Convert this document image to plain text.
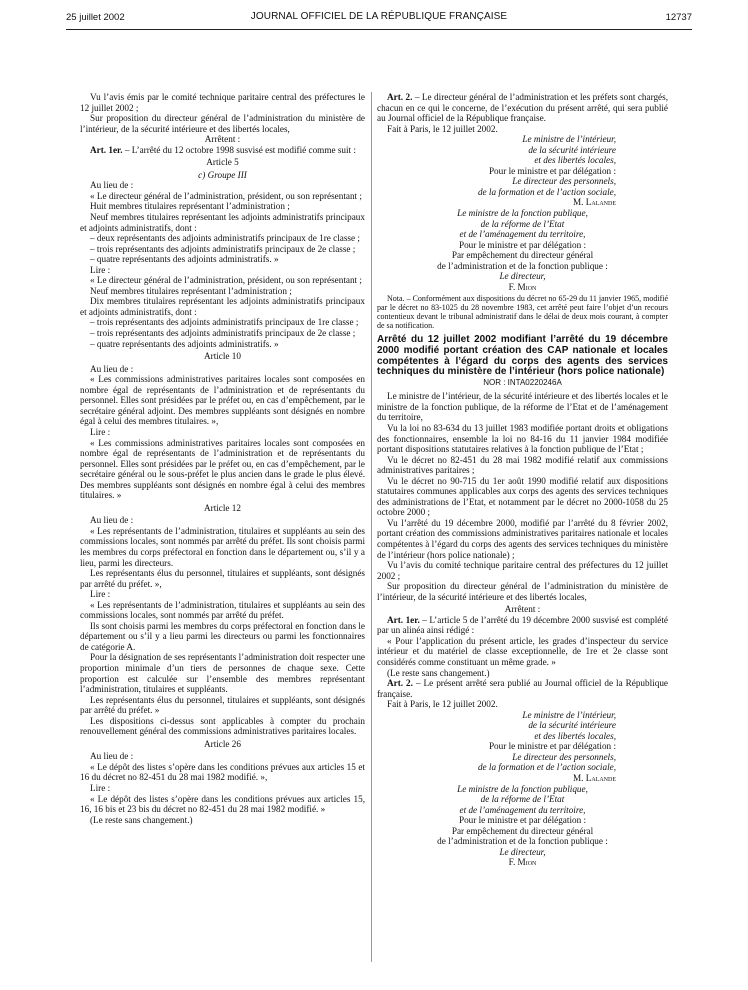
25 juillet 2002	JOURNAL OFFICIEL DE LA RÉPUBLIQUE FRANÇAISE	12737

Vu l’avis émis par le comité technique paritaire central des préfectures le 12 juillet 2002 ;

Sur proposition du directeur général de l’administration du ministère de l’intérieur, de la sécurité intérieure et des libertés locales,

Arrêtent :

Art. 1er. – L’arrêté du 12 octobre 1998 susvisé est modifié comme suit :

Article 5

c) Groupe III

Au lieu de :

« Le directeur général de l’administration, président, ou son représentant ;

Huit membres titulaires représentant l’administration ;

Neuf membres titulaires représentant les adjoints administratifs principaux et adjoints administratifs, dont :

– deux représentants des adjoints administratifs principaux de 1re classe ;

– trois représentants des adjoints administratifs principaux de 2e classe ;

– quatre représentants des adjoints administratifs. »

Lire :

« Le directeur général de l’administration, président, ou son représentant ;

Neuf membres titulaires représentant l’administration ;

Dix membres titulaires représentant les adjoints administratifs principaux et adjoints administratifs, dont :

– trois représentants des adjoints administratifs principaux de 1re classe ;

– trois représentants des adjoints administratifs principaux de 2e classe ;

– quatre représentants des adjoints administratifs. »

Article 10

Au lieu de :

« Les commissions administratives paritaires locales sont composées en nombre égal de représentants de l’administration et de représentants du personnel. Elles sont présidées par le préfet ou, en cas d’empêchement, par le secrétaire général adjoint. Des membres suppléants sont désignés en nombre égal à celui des membres titulaires. »,

Lire :

« Les commissions administratives paritaires locales sont composées en nombre égal de représentants de l’administration et de représentants du personnel. Elles sont présidées par le préfet ou, en cas d’empêchement, par le secrétaire général ou le sous-préfet le plus ancien dans le grade le plus élevé. Des membres suppléants sont désignés en nombre égal à celui des membres titulaires. »

Article 12

Au lieu de :

« Les représentants de l’administration, titulaires et suppléants au sein des commissions locales, sont nommés par arrêté du préfet. Ils sont choisis parmi les membres du corps préfectoral en fonction dans le département ou, s’il y a lieu, parmi les directeurs.

Les représentants élus du personnel, titulaires et suppléants, sont désignés par arrêté du préfet. »,

Lire :

« Les représentants de l’administration, titulaires et suppléants au sein des commissions locales, sont nommés par arrêté du préfet.

Ils sont choisis parmi les membres du corps préfectoral en fonction dans le département ou s’il y a lieu parmi les directeurs ou parmi les fonctionnaires de catégorie A.

Pour la désignation de ses représentants l’administration doit respecter une proportion minimale d’un tiers de personnes de chaque sexe. Cette proportion est calculée sur l’ensemble des membres représentant l’administration, titulaires et suppléants.

Les représentants élus du personnel, titulaires et suppléants, sont désignés par arrêté du préfet. »

Les dispositions ci-dessus sont applicables à compter du prochain renouvellement général des commissions administratives paritaires locales.

Article 26

Au lieu de :

« Le dépôt des listes s’opère dans les conditions prévues aux articles 15 et 16 du décret no 82-451 du 28 mai 1982 modifié. »,

Lire :

« Le dépôt des listes s’opère dans les conditions prévues aux articles 15, 16, 16 bis et 23 bis du décret no 82-451 du 28 mai 1982 modifié. »

(Le reste sans changement.)

Art. 2. – Le directeur général de l’administration et les préfets sont chargés, chacun en ce qui le concerne, de l’exécution du présent arrêté, qui sera publié au Journal officiel de la République française.

Fait à Paris, le 12 juillet 2002.

Le ministre de l’intérieur,

de la sécurité intérieure

et des libertés locales,

Pour le ministre et par délégation :

Le directeur des personnels,

de la formation et de l’action sociale,

M. Lalande

Le ministre de la fonction publique,

de la réforme de l’Etat

et de l’aménagement du territoire,

Pour le ministre et par délégation :

Par empêchement du directeur général

de l’administration et de la fonction publique :

Le directeur,

F. Mion

Nota. – Conformément aux dispositions du décret no 65-29 du 11 janvier 1965, modifié par le décret no 83-1025 du 28 novembre 1983, cet arrêté peut faire l’objet d’un recours contentieux devant le tribunal administratif dans le délai de deux mois courant, à compter de sa notification.

Arrêté du 12 juillet 2002 modifiant l’arrêté du 19 décembre 2000 modifié portant création des CAP nationale et locales compétentes à l’égard du corps des agents des services techniques du ministère de l’intérieur (hors police nationale)

NOR : INTA0220246A

Le ministre de l’intérieur, de la sécurité intérieure et des libertés locales et le ministre de la fonction publique, de la réforme de l’Etat et de l’aménagement du territoire,

Vu la loi no 83-634 du 13 juillet 1983 modifiée portant droits et obligations des fonctionnaires, ensemble la loi no 84-16 du 11 janvier 1984 modifiée portant dispositions statutaires relatives à la fonction publique de l’Etat ;

Vu le décret no 82-451 du 28 mai 1982 modifié relatif aux commissions administratives paritaires ;

Vu le décret no 90-715 du 1er août 1990 modifié relatif aux dispositions statutaires communes applicables aux corps des agents des services techniques des administrations de l’Etat, et notamment par le décret no 2000-1058 du 25 octobre 2000 ;

Vu l’arrêté du 19 décembre 2000, modifié par l’arrêté du 8 février 2002, portant création des commissions administratives paritaires nationale et locales compétentes à l’égard du corps des agents des services techniques du ministère de l’intérieur (hors police nationale) ;

Vu l’avis du comité technique paritaire central des préfectures du 12 juillet 2002 ;

Sur proposition du directeur général de l’administration du ministère de l’intérieur, de la sécurité intérieure et des libertés locales,

Arrêtent :

Art. 1er. – L’article 5 de l’arrêté du 19 décembre 2000 susvisé est complété par un alinéa ainsi rédigé :

« Pour l’application du présent article, les grades d’inspecteur du service intérieur et du matériel de classe exceptionnelle, de 1re et 2e classe sont considérés comme constituant un même grade. »

(Le reste sans changement.)

Art. 2. – Le présent arrêté sera publié au Journal officiel de la République française.

Fait à Paris, le 12 juillet 2002.

Le ministre de l’intérieur,

de la sécurité intérieure

et des libertés locales,

Pour le ministre et par délégation :

Le directeur des personnels,

de la formation et de l’action sociale,

M. Lalande

Le ministre de la fonction publique,

de la réforme de l’Etat

et de l’aménagement du territoire,

Pour le ministre et par délégation :

Par empêchement du directeur général

de l’administration et de la fonction publique :

Le directeur,

F. Mion
